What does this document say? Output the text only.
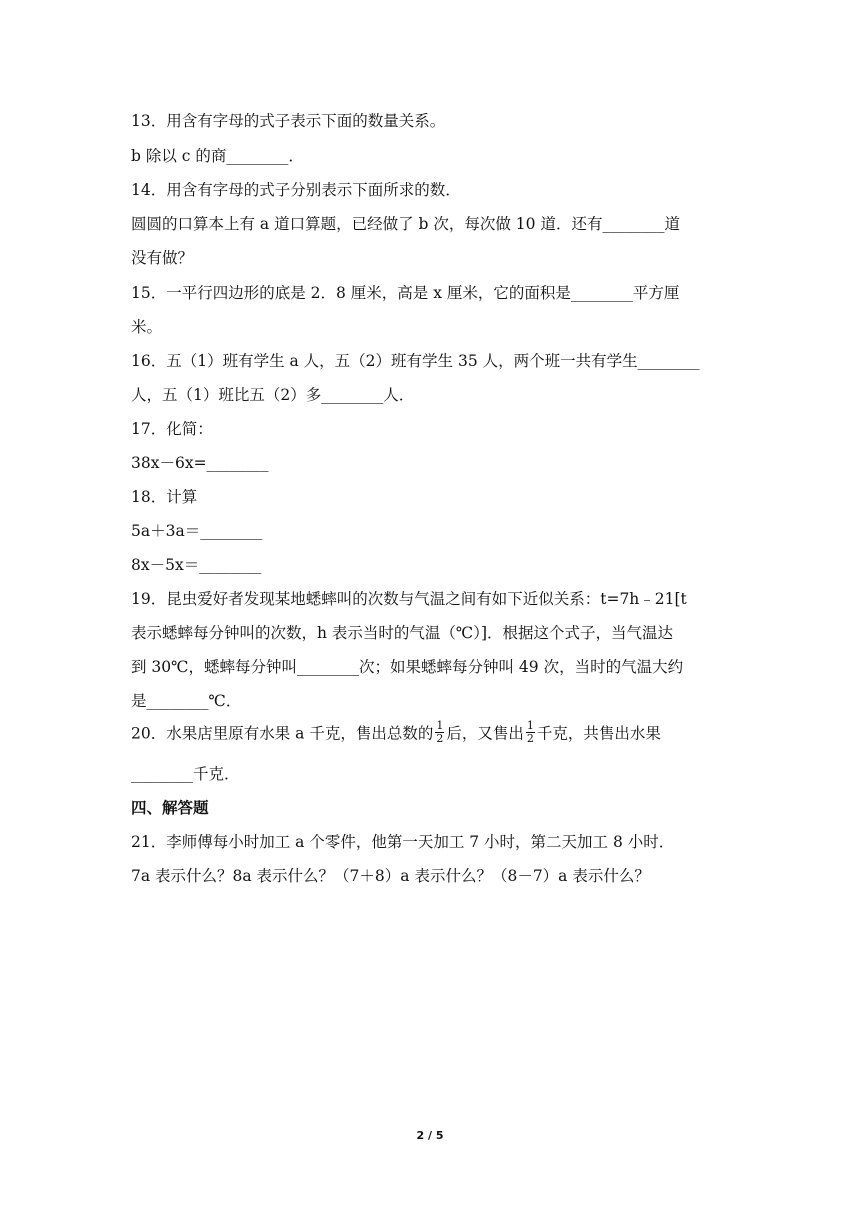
13．用含有字母的式子表示下面的数量关系。
b 除以 c 的商________．
14．用含有字母的式子分别表示下面所求的数．
圆圆的口算本上有 a 道口算题，已经做了 b 次，每次做 10 道．还有________道
没有做？
15．一平行四边形的底是 2．8 厘米，高是 x 厘米，它的面积是________平方厘
米。
16．五（1）班有学生 a 人，五（2）班有学生 35 人，两个班一共有学生________
人，五（1）班比五（2）多________人．
17．化简：
38x－6x=________
18．计算
5a＋3a＝________
8x－5x＝________
19．昆虫爱好者发现某地蟋蟀叫的次数与气温之间有如下近似关系：t=7h﹣21[t
表示蟋蟀每分钟叫的次数，h 表示当时的气温（℃）]．根据这个式子，当气温达
到 30℃，蟋蟀每分钟叫________次；如果蟋蟀每分钟叫 49 次，当时的气温大约
是________℃．
20．水果店里原有水果 a 千克，售出总数的 $\frac{1}{2}$ 后，又售出 $\frac{1}{2}$ 千克，共售出水果
________千克．
四、解答题
21．李师傅每小时加工 a 个零件，他第一天加工 7 小时，第二天加工 8 小时．
7a 表示什么？8a 表示什么？（7＋8）a 表示什么？（8－7）a 表示什么？
2 / 5
